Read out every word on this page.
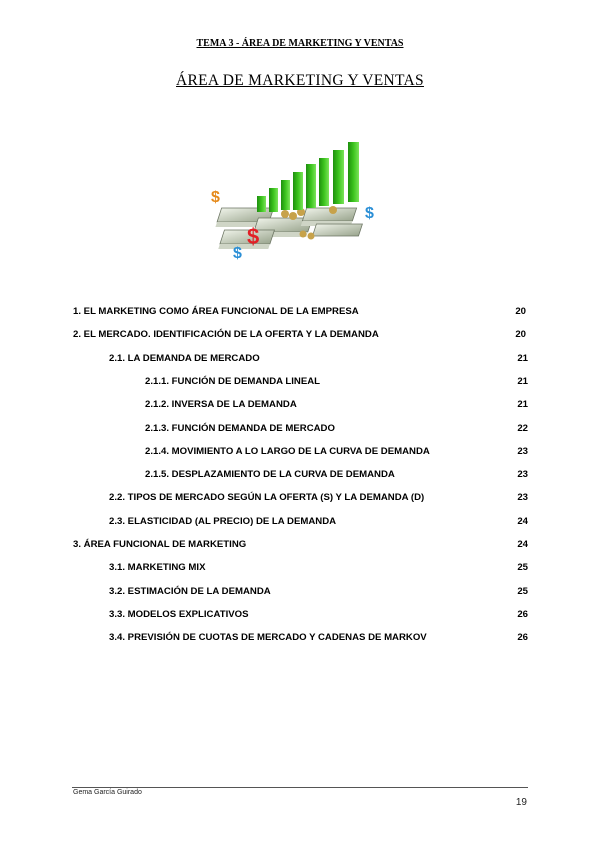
TEMA 3 - ÁREA DE MARKETING Y VENTAS
ÁREA DE MARKETING Y VENTAS
$
$
$
$
1. EL MARKETING COMO ÁREA FUNCIONAL DE LA EMPRESA	20
2. EL MERCADO. IDENTIFICACIÓN DE LA OFERTA Y LA DEMANDA	20
2.1. LA DEMANDA DE MERCADO	21
2.1.1. FUNCIÓN DE DEMANDA LINEAL	21
2.1.2. INVERSA DE LA DEMANDA	21
2.1.3. FUNCIÓN DEMANDA DE MERCADO	22
2.1.4. MOVIMIENTO A LO LARGO DE LA CURVA DE DEMANDA	23
2.1.5. DESPLAZAMIENTO DE LA CURVA DE DEMANDA	23
2.2. TIPOS DE MERCADO SEGÚN LA OFERTA (S) Y LA DEMANDA (D)	23
2.3. ELASTICIDAD (AL PRECIO) DE LA DEMANDA	24
3. ÁREA FUNCIONAL DE MARKETING	24
3.1. MARKETING MIX	25
3.2. ESTIMACIÓN DE LA DEMANDA	25
3.3. MODELOS EXPLICATIVOS	26
3.4. PREVISIÓN DE CUOTAS DE MERCADO Y CADENAS DE MARKOV	26
Gema García Guirado
19
